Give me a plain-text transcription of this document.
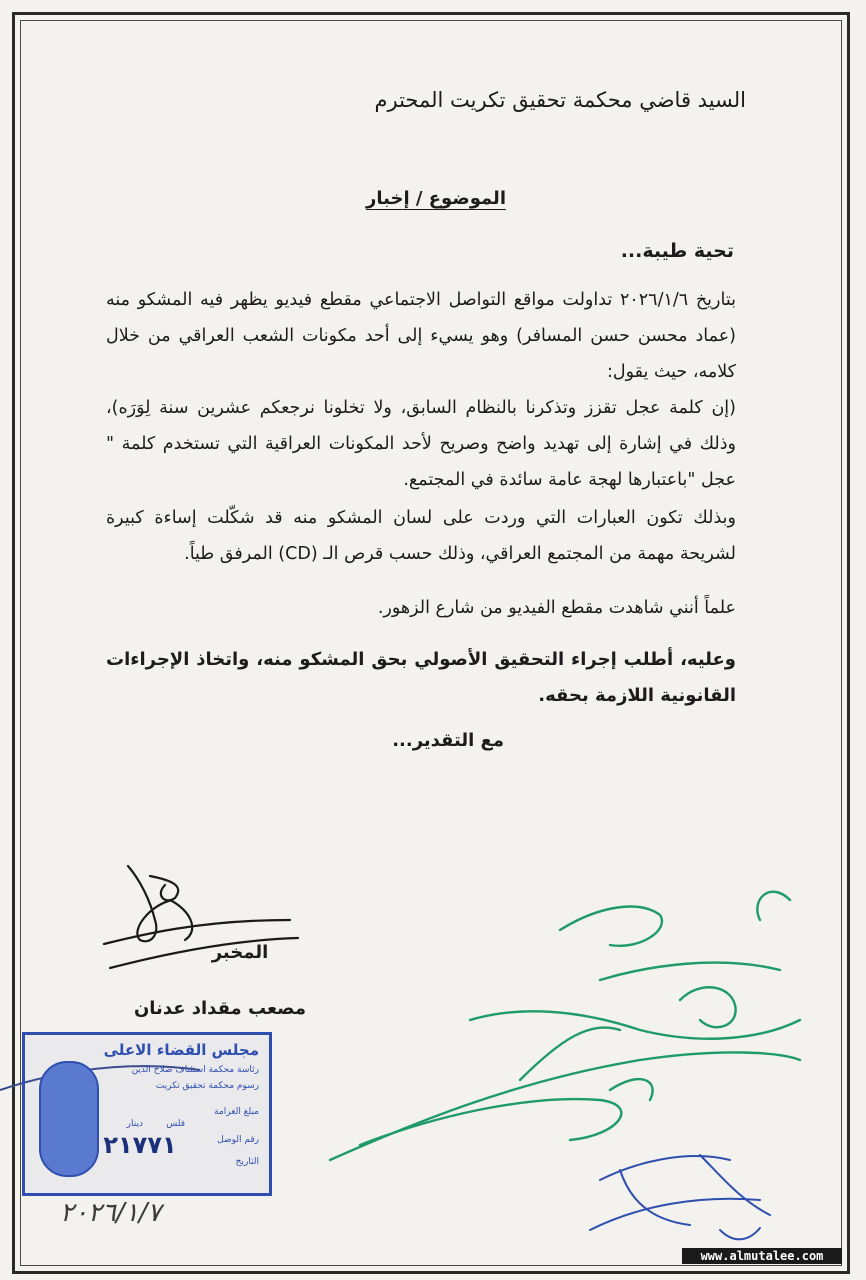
السيد قاضي محكمة تحقيق تكريت المحترم
الموضوع / إخبار
تحية طيبة...
بتاريخ ٢٠٢٦/١/٦ تداولت مواقع التواصل الاجتماعي مقطع فيديو يظهر فيه المشكو منه (عماد محسن حسن المسافر) وهو يسيء إلى أحد مكونات الشعب العراقي من خلال كلامه، حيث يقول:
(إن كلمة عجل تقزز وتذكرنا بالنظام السابق، ولا تخلونا نرجعكم عشرين سنة لِوَرَه)، وذلك في إشارة إلى تهديد واضح وصريح لأحد المكونات العراقية التي تستخدم كلمة " عجل "باعتبارها لهجة عامة سائدة في المجتمع.
وبذلك تكون العبارات التي وردت على لسان المشكو منه قد شكّلت إساءة كبيرة لشريحة مهمة من المجتمع العراقي، وذلك حسب قرص الـ (CD) المرفق طياً.
علماً أنني شاهدت مقطع الفيديو من شارع الزهور.
وعليه، أطلب إجراء التحقيق الأصولي بحق المشكو منه، واتخاذ الإجراءات القانونية اللازمة بحقه.
مع التقدير...
المخبر
مصعب مقداد عدنان
مجلس القضاء الاعلى
رئاسة محكمة استئناف صلاح الدين
رسوم محكمة تحقيق تكريت
مبلغ الغرامة
فلس
دينار
رقم الوصل
التاريخ
٢١٧٧١
٢٠٢٦/١/٧
www.almutalee.com
